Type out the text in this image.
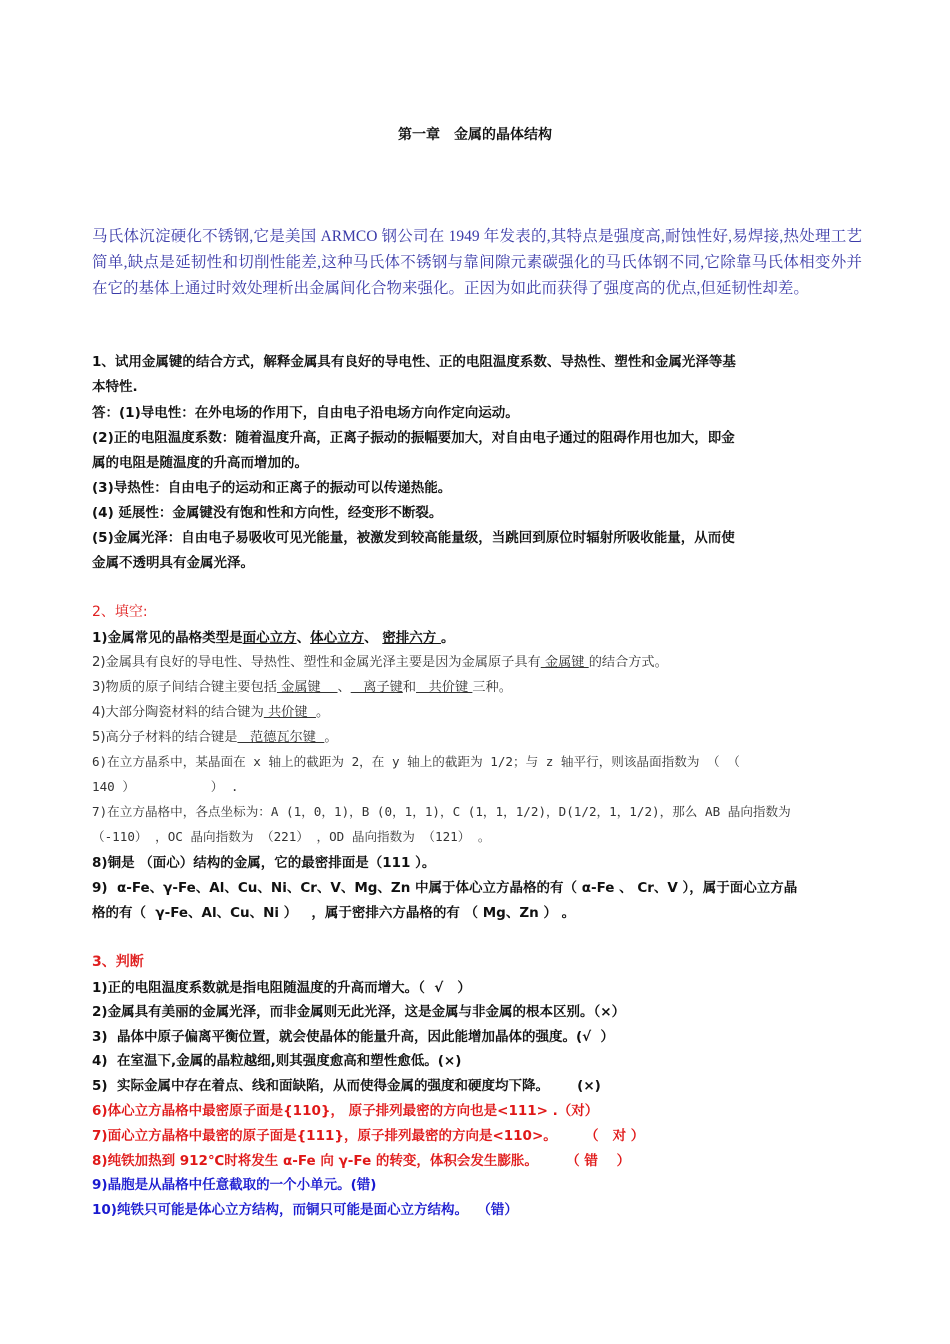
第一章　金属的晶体结构
马氏体沉淀硬化不锈钢,它是美国 ARMCO 钢公司在 1949 年发表的,其特点是强度高,耐蚀性好,易焊接,热处理工艺简单,缺点是延韧性和切削性能差,这种马氏体不锈钢与靠间隙元素碳强化的马氏体钢不同,它除靠马氏体相变外并在它的基体上通过时效处理析出金属间化合物来强化。正因为如此而获得了强度高的优点,但延韧性却差。
1、试用金属键的结合方式，解释金属具有良好的导电性、正的电阻温度系数、导热性、塑性和金属光泽等基
本特性.
答：(1)导电性：在外电场的作用下，自由电子沿电场方向作定向运动。
(2)正的电阻温度系数：随着温度升高，正离子振动的振幅要加大，对自由电子通过的阻碍作用也加大，即金
属的电阻是随温度的升高而增加的。
(3)导热性：自由电子的运动和正离子的振动可以传递热能。
(4) 延展性：金属键没有饱和性和方向性，经变形不断裂。
(5)金属光泽：自由电子易吸收可见光能量，被激发到较高能量级，当跳回到原位时辐射所吸收能量，从而使
金属不透明具有金属光泽。
2、填空:
1)金属常见的晶格类型是面心立方、体心立方、 密排六方 。
2)金属具有良好的导电性、导热性、塑性和金属光泽主要是因为金属原子具有 金属键 的结合方式。
3)物质的原子间结合键主要包括 金属键    、   离子键和   共价键 三种。
4)大部分陶瓷材料的结合键为 共价键  。
5)高分子材料的结合键是   范德瓦尔键  。
6)在立方晶系中，某晶面在 x 轴上的截距为 2，在 y 轴上的截距为 1/2；与 z 轴平行，则该晶面指数为 （ （
140 ）          ） .
7)在立方晶格中，各点坐标为：A (1，0，1)，B (0，1，1)，C (1，1，1/2)，D(1/2，1，1/2)，那么 AB 晶向指数为
（-110） ，OC 晶向指数为 （221） ，OD 晶向指数为 （121） 。
8)铜是 （面心）结构的金属，它的最密排面是（111 ）。
9)  α-Fe、γ-Fe、Al、Cu、Ni、Cr、V、Mg、Zn 中属于体心立方晶格的有（ α-Fe 、 Cr、V ），属于面心立方晶
格的有（  γ-Fe、Al、Cu、Ni ）   ，属于密排六方晶格的有 （ Mg、Zn ） 。
3、判断
1)正的电阻温度系数就是指电阻随温度的升高而增大。（  √   ）
2)金属具有美丽的金属光泽，而非金属则无此光泽，这是金属与非金属的根本区别。（×）
3)  晶体中原子偏离平衡位置，就会使晶体的能量升高，因此能增加晶体的强度。(√  ）
4)  在室温下,金属的晶粒越细,则其强度愈高和塑性愈低。(×)
5)  实际金属中存在着点、线和面缺陷，从而使得金属的强度和硬度均下降。      (×)
6)体心立方晶格中最密原子面是{110}， 原子排列最密的方向也是<111> .（对）
7)面心立方晶格中最密的原子面是{111}，原子排列最密的方向是<110>。      （   对 ）
8)纯铁加热到 912℃时将发生 α-Fe 向 γ-Fe 的转变，体积会发生膨胀。      （ 错    ）
9)晶胞是从晶格中任意截取的一个小单元。(错)
10)纯铁只可能是体心立方结构，而铜只可能是面心立方结构。  （错）
